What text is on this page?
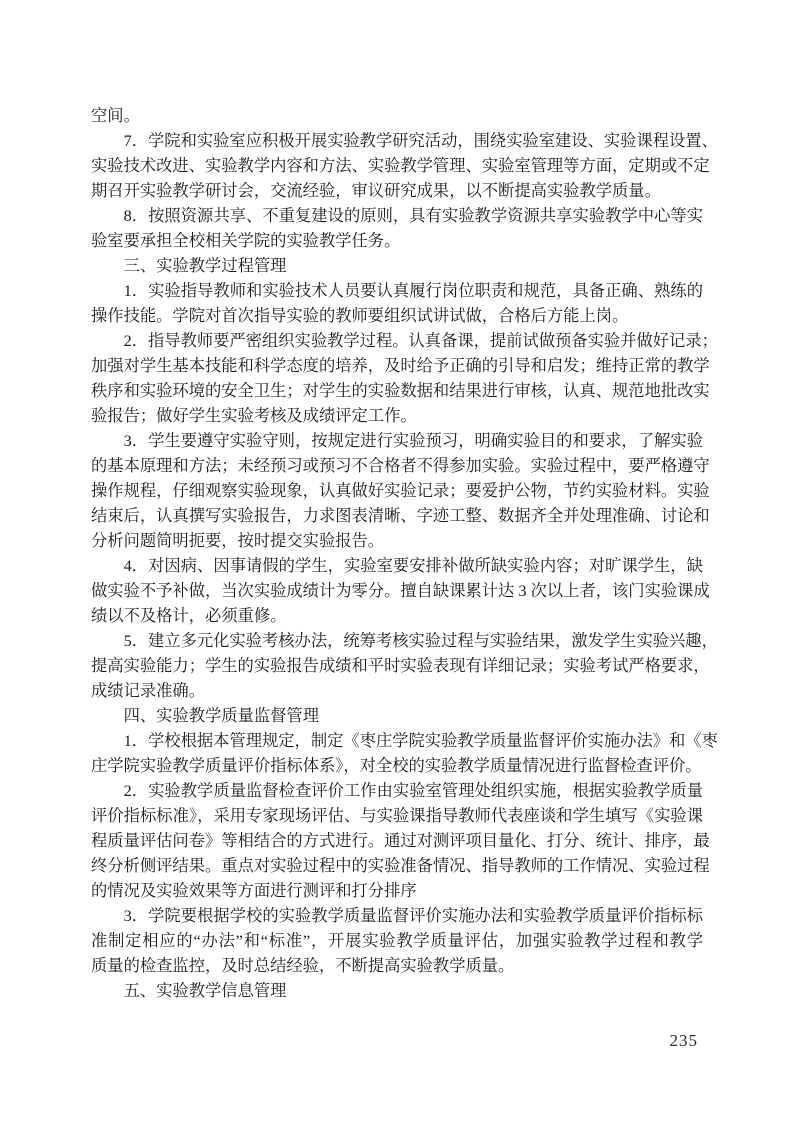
空间。
7．学院和实验室应积极开展实验教学研究活动，围绕实验室建设、实验课程设置、
实验技术改进、实验教学内容和方法、实验教学管理、实验室管理等方面，定期或不定
期召开实验教学研讨会，交流经验，审议研究成果，以不断提高实验教学质量。
8．按照资源共享、不重复建设的原则，具有实验教学资源共享实验教学中心等实
验室要承担全校相关学院的实验教学任务。
三、实验教学过程管理
1．实验指导教师和实验技术人员要认真履行岗位职责和规范，具备正确、熟练的
操作技能。学院对首次指导实验的教师要组织试讲试做，合格后方能上岗。
2．指导教师要严密组织实验教学过程。认真备课，提前试做预备实验并做好记录；
加强对学生基本技能和科学态度的培养，及时给予正确的引导和启发；维持正常的教学
秩序和实验环境的安全卫生；对学生的实验数据和结果进行审核，认真、规范地批改实
验报告；做好学生实验考核及成绩评定工作。
3．学生要遵守实验守则，按规定进行实验预习，明确实验目的和要求，了解实验
的基本原理和方法；未经预习或预习不合格者不得参加实验。实验过程中，要严格遵守
操作规程，仔细观察实验现象，认真做好实验记录；要爱护公物，节约实验材料。实验
结束后，认真撰写实验报告，力求图表清晰、字迹工整、数据齐全并处理准确、讨论和
分析问题简明扼要，按时提交实验报告。
4．对因病、因事请假的学生，实验室要安排补做所缺实验内容；对旷课学生，缺
做实验不予补做，当次实验成绩计为零分。擅自缺课累计达 3 次以上者，该门实验课成
绩以不及格计，必须重修。
5．建立多元化实验考核办法，统筹考核实验过程与实验结果，激发学生实验兴趣，
提高实验能力；学生的实验报告成绩和平时实验表现有详细记录；实验考试严格要求，
成绩记录准确。
四、实验教学质量监督管理
1．学校根据本管理规定，制定《枣庄学院实验教学质量监督评价实施办法》和《枣
庄学院实验教学质量评价指标体系》，对全校的实验教学质量情况进行监督检查评价。
2．实验教学质量监督检查评价工作由实验室管理处组织实施，根据实验教学质量
评价指标标准》，采用专家现场评估、与实验课指导教师代表座谈和学生填写《实验课
程质量评估问卷》等相结合的方式进行。通过对测评项目量化、打分、统计、排序，最
终分析侧评结果。重点对实验过程中的实验准备情况、指导教师的工作情况、实验过程
的情况及实验效果等方面进行测评和打分排序
3．学院要根据学校的实验教学质量监督评价实施办法和实验教学质量评价指标标
准制定相应的“办法”和“标准”，开展实验教学质量评估，加强实验教学过程和教学
质量的检查监控，及时总结经验，不断提高实验教学质量。
五、实验教学信息管理
235
